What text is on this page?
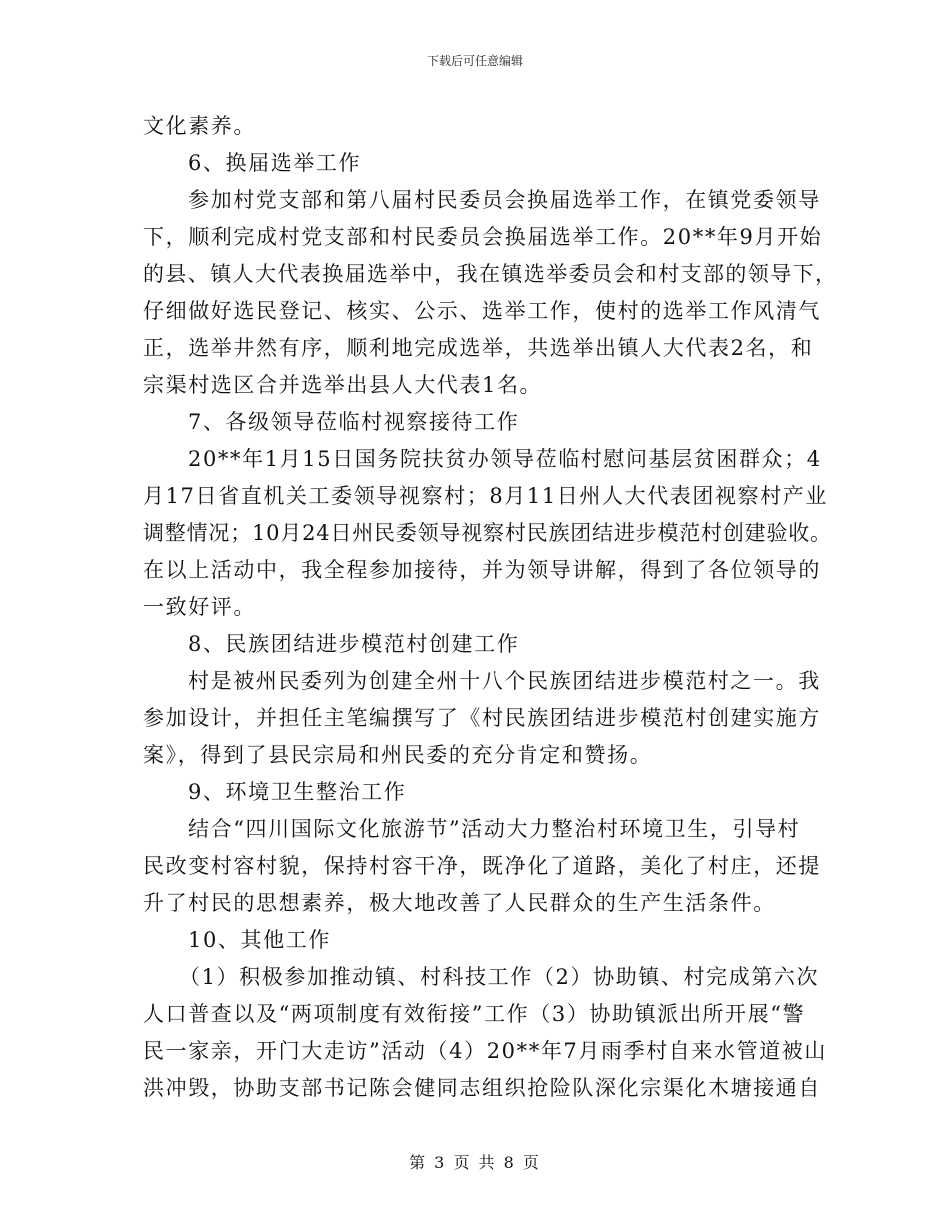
下载后可任意编辑
文化素养。
6、换届选举工作
参加村党支部和第八届村民委员会换届选举工作，在镇党委领导
下，顺利完成村党支部和村民委员会换届选举工作。20**年9月开始
的县、镇人大代表换届选举中，我在镇选举委员会和村支部的领导下，
仔细做好选民登记、核实、公示、选举工作，使村的选举工作风清气
正，选举井然有序，顺利地完成选举，共选举出镇人大代表2名，和
宗渠村选区合并选举出县人大代表1名。
7、各级领导莅临村视察接待工作
20**年1月15日国务院扶贫办领导莅临村慰问基层贫困群众；4
月17日省直机关工委领导视察村；8月11日州人大代表团视察村产业
调整情况；10月24日州民委领导视察村民族团结进步模范村创建验收。
在以上活动中，我全程参加接待，并为领导讲解，得到了各位领导的
一致好评。
8、民族团结进步模范村创建工作
村是被州民委列为创建全州十八个民族团结进步模范村之一。我
参加设计，并担任主笔编撰写了《村民族团结进步模范村创建实施方
案》，得到了县民宗局和州民委的充分肯定和赞扬。
9、环境卫生整治工作
结合“四川国际文化旅游节”活动大力整治村环境卫生，引导村
民改变村容村貌，保持村容干净，既净化了道路，美化了村庄，还提
升了村民的思想素养，极大地改善了人民群众的生产生活条件。
10、其他工作
（1）积极参加推动镇、村科技工作（2）协助镇、村完成第六次
人口普查以及“两项制度有效衔接”工作（3）协助镇派出所开展“警
民一家亲，开门大走访”活动（4）20**年7月雨季村自来水管道被山
洪冲毁，协助支部书记陈会健同志组织抢险队深化宗渠化木塘接通自
第 3 页 共 8 页
